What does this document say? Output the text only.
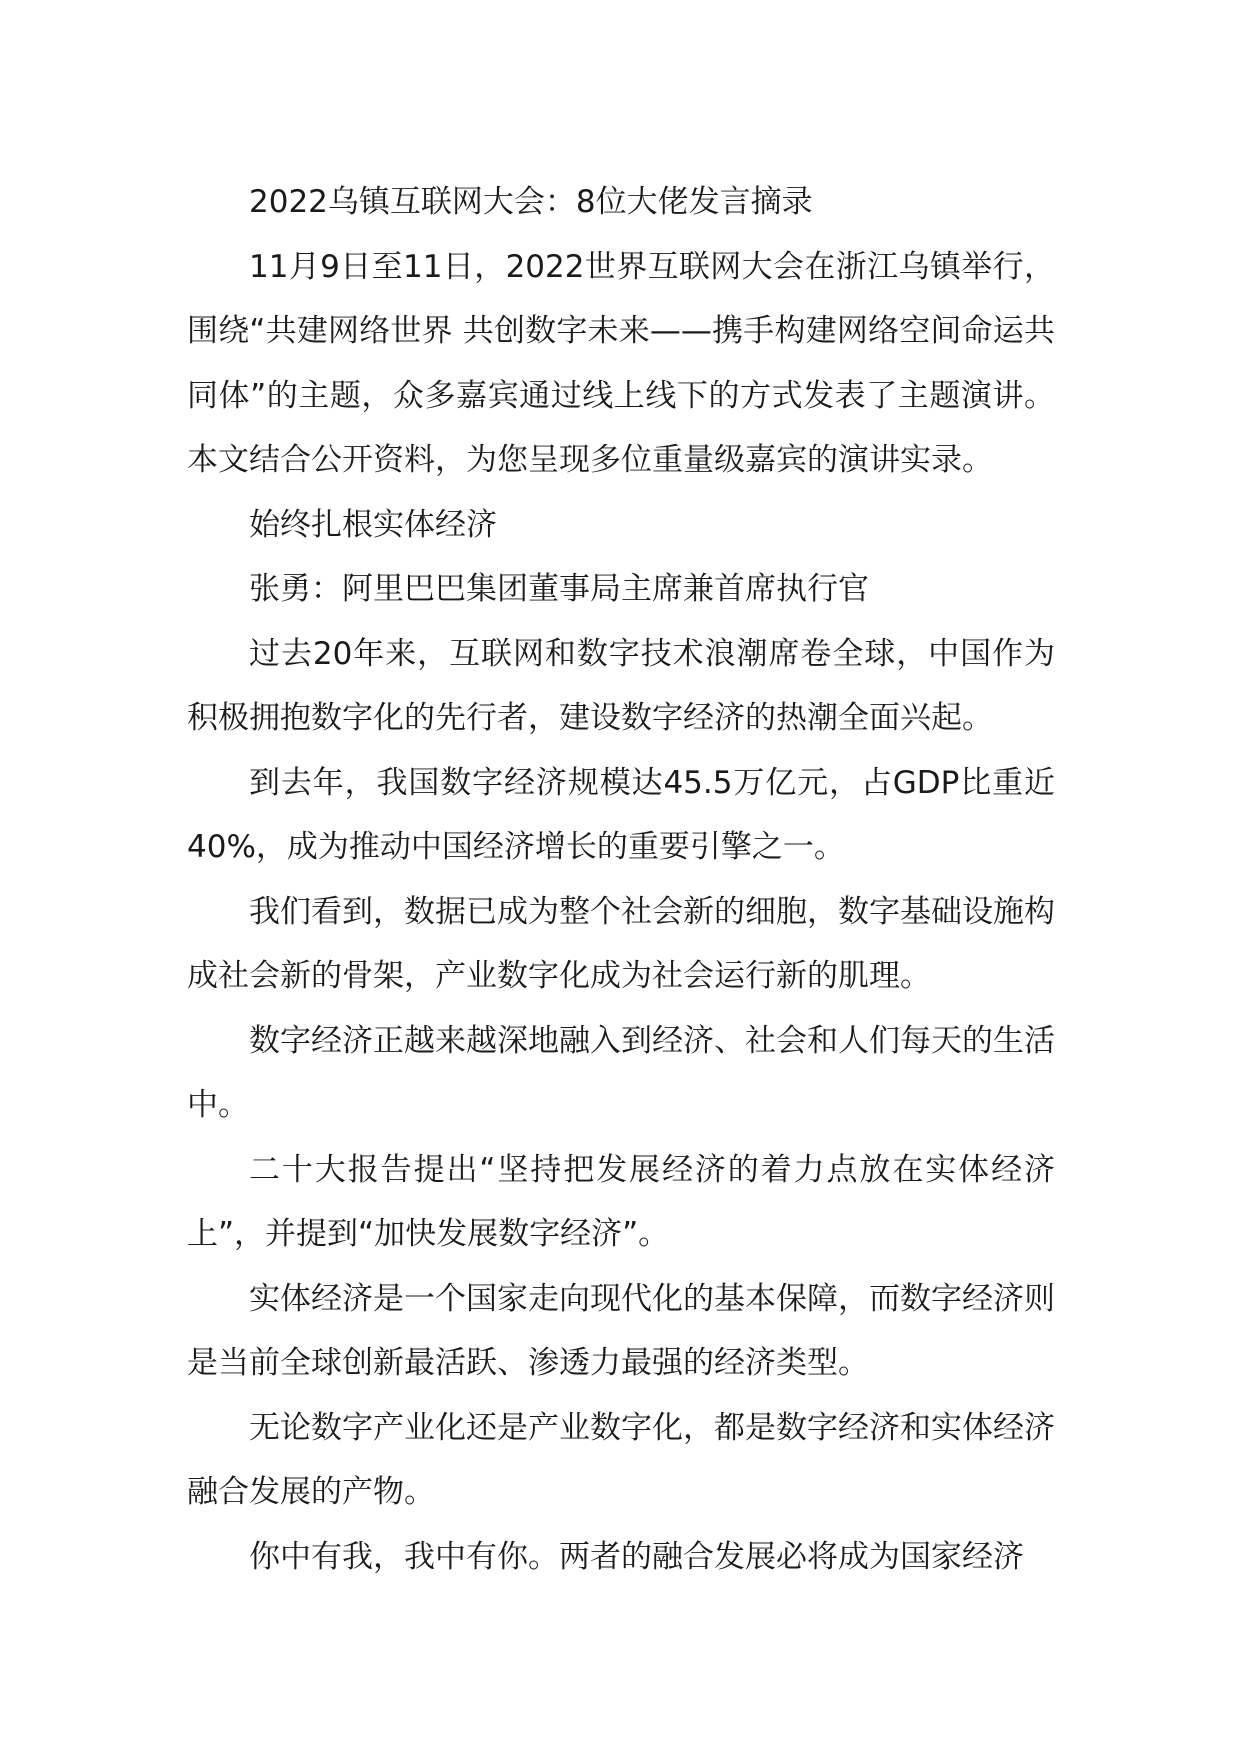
2022乌镇互联网大会：8位大佬发言摘录

11月9日至11日，2022世界互联网大会在浙江乌镇举行，围绕“共建网络世界 共创数字未来——携手构建网络空间命运共同体”的主题，众多嘉宾通过线上线下的方式发表了主题演讲。本文结合公开资料，为您呈现多位重量级嘉宾的演讲实录。

始终扎根实体经济

张勇：阿里巴巴集团董事局主席兼首席执行官

过去20年来，互联网和数字技术浪潮席卷全球，中国作为积极拥抱数字化的先行者，建设数字经济的热潮全面兴起。

到去年，我国数字经济规模达45.5万亿元，占GDP比重近40%，成为推动中国经济增长的重要引擎之一。

我们看到，数据已成为整个社会新的细胞，数字基础设施构成社会新的骨架，产业数字化成为社会运行新的肌理。

数字经济正越来越深地融入到经济、社会和人们每天的生活中。

二十大报告提出“坚持把发展经济的着力点放在实体经济上”，并提到“加快发展数字经济”。

实体经济是一个国家走向现代化的基本保障，而数字经济则是当前全球创新最活跃、渗透力最强的经济类型。

无论数字产业化还是产业数字化，都是数字经济和实体经济融合发展的产物。

你中有我，我中有你。两者的融合发展必将成为国家经济
